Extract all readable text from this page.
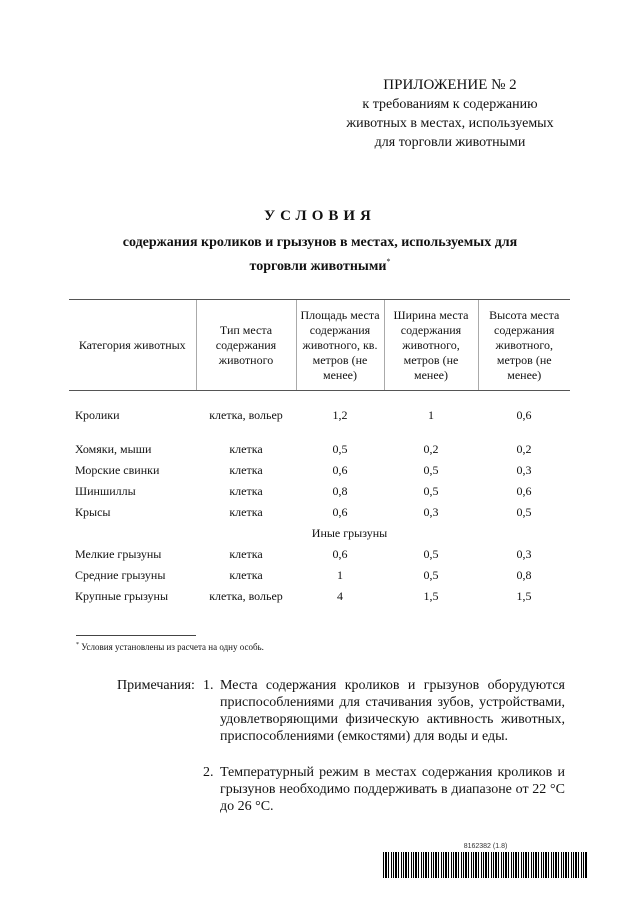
ПРИЛОЖЕНИЕ № 2
к требованиям к содержанию
животных в местах, используемых
для торговли животными
УСЛОВИЯ
содержания кроликов и грызунов в местах, используемых для
торговли животными*
Категория животных	Тип места содержания животного	Площадь места содержания животного, кв. метров (не менее)	Ширина места содержания животного, метров (не менее)	Высота места содержания животного, метров (не менее)
Кролики	клетка, вольер	1,2	1	0,6

Хомяки, мыши	клетка	0,5	0,2	0,2
Морские свинки	клетка	0,6	0,5	0,3
Шиншиллы	клетка	0,8	0,5	0,6
Крысы	клетка	0,6	0,3	0,5
Иные грызуны				
Мелкие грызуны	клетка	0,6	0,5	0,3
Средние грызуны	клетка	1	0,5	0,8
Крупные грызуны	клетка, вольер	4	1,5	1,5
* Условия установлены из расчета на одну особь.
Примечания: 1. Места содержания кроликов и грызунов оборудуются приспособлениями для стачивания зубов, устройствами, удовлетворяющими физическую активность животных, приспособлениями (емкостями) для воды и еды.
2. Температурный режим в местах содержания кроликов и грызунов необходимо поддерживать в диапазоне от 22 °C до 26 °C.
8162382 (1.8)
